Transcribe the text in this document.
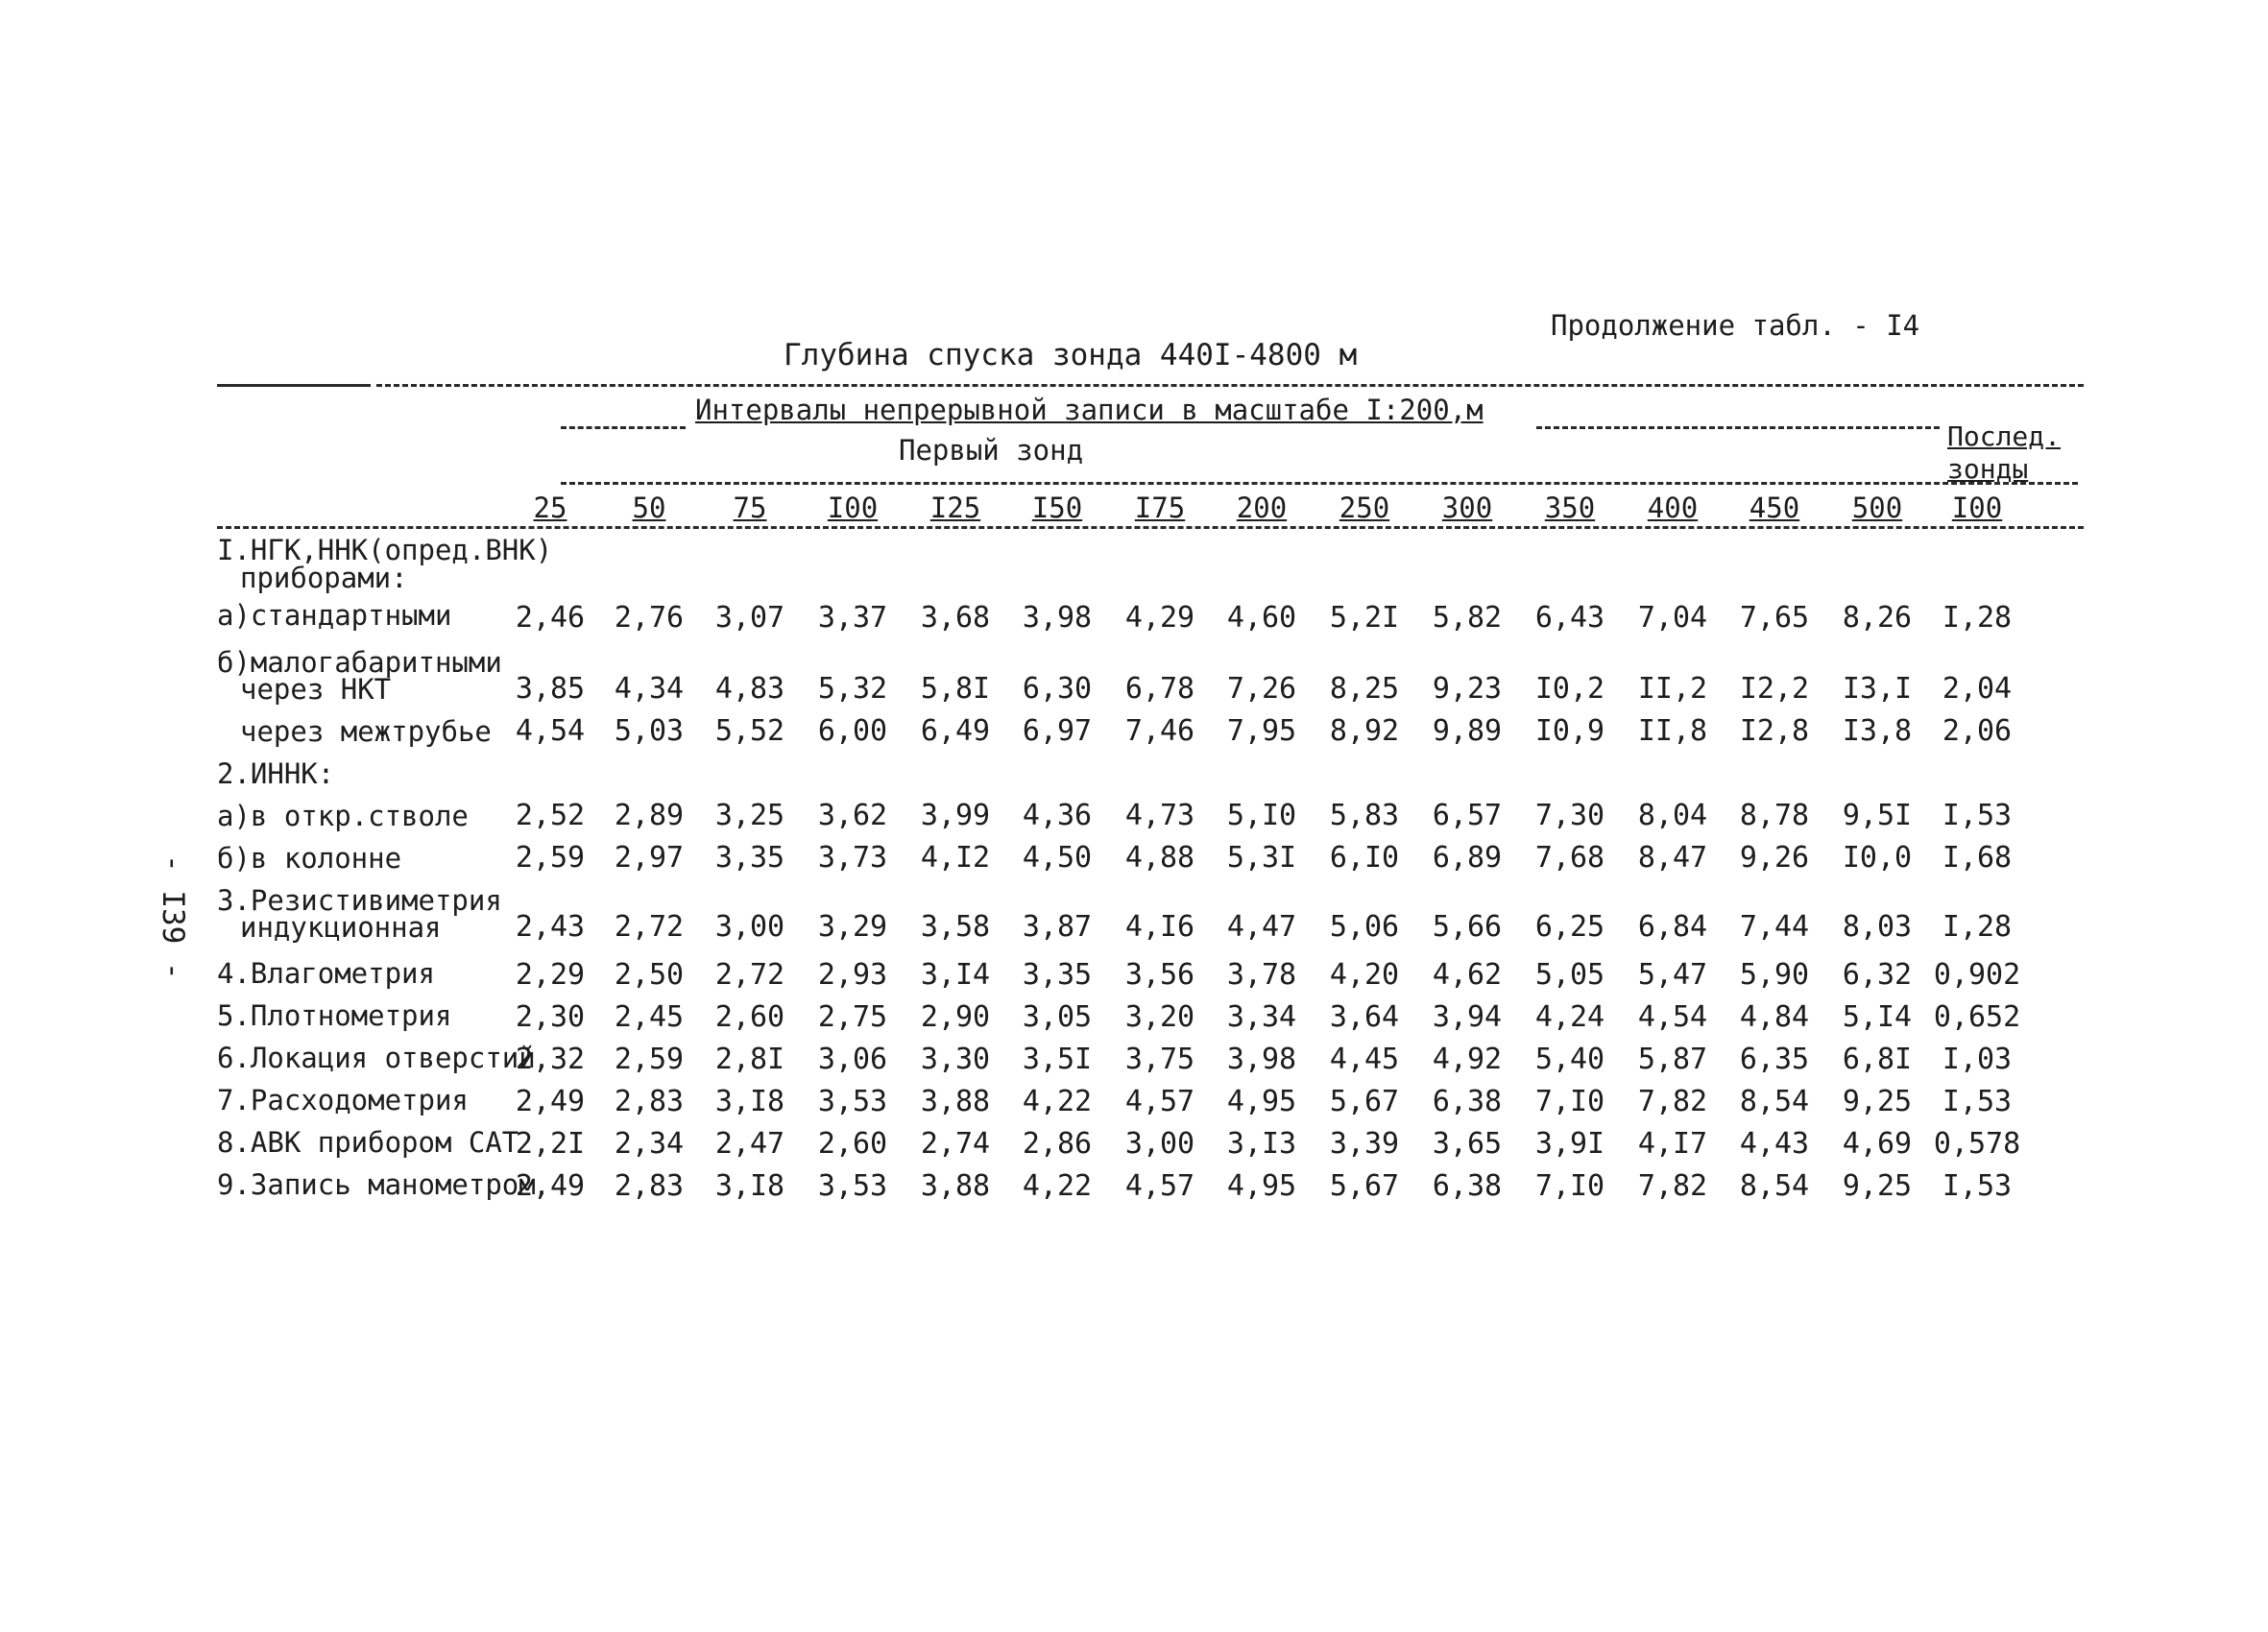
Продолжение табл. - I4
Глубина спуска зонда 440I-4800 м
- I39 -
Интервалы непрерывной записи в масштабе I:200,м
Первый зонд	Послед.
зонды
25	50	75	I00	I25	I50	I75	200	250	300	350	400	450	500	I00
I.НГК,ННК(опред.ВНК)
приборами:
а)стандартными	2,46	2,76	3,07	3,37	3,68	3,98	4,29	4,60	5,2I	5,82	6,43	7,04	7,65	8,26	I,28
б)малогабаритными
через НКТ	3,85	4,34	4,83	5,32	5,8I	6,30	6,78	7,26	8,25	9,23	I0,2	II,2	I2,2	I3,I	2,04
через межтрубье 4,54	5,03	5,52	6,00	6,49	6,97	7,46	7,95	8,92	9,89	I0,9	II,8	I2,8	I3,8	2,06
2.ИННК:
а)в откр.стволе	2,52	2,89	3,25	3,62	3,99	4,36	4,73	5,I0	5,83	6,57	7,30	8,04	8,78	9,5I	I,53
б)в колонне	2,59	2,97	3,35	3,73	4,I2	4,50	4,88	5,3I	6,I0	6,89	7,68	8,47	9,26	I0,0	I,68
3.Резистивиметрия
индукционная	2,43	2,72	3,00	3,29	3,58	3,87	4,I6	4,47	5,06	5,66	6,25	6,84	7,44	8,03	I,28
4.Влагометрия	2,29	2,50	2,72	2,93	3,I4	3,35	3,56	3,78	4,20	4,62	5,05	5,47	5,90	6,32 0,902
5.Плотнометрия	2,30	2,45	2,60	2,75	2,90	3,05	3,20	3,34	3,64	3,94	4,24	4,54	4,84	5,I4 0,652
6.Локация отверстий
2,32	2,59	2,8I	3,06	3,30	3,5I	3,75	3,98	4,45	4,92	5,40	5,87	6,35	6,8I	I,03
7.Расходометрия	2,49	2,83	3,I8	3,53	3,88	4,22	4,57	4,95	5,67	6,38	7,I0	7,82	8,54	9,25	I,53
8.АВК прибором САТ
2,2I	2,34	2,47	2,60	2,74	2,86	3,00	3,I3	3,39	3,65	3,9I	4,I7	4,43	4,69 0,578
9.Запись манометром
2,49	2,83	3,I8	3,53	3,88	4,22	4,57	4,95	5,67	6,38	7,I0	7,82	8,54	9,25	I,53
